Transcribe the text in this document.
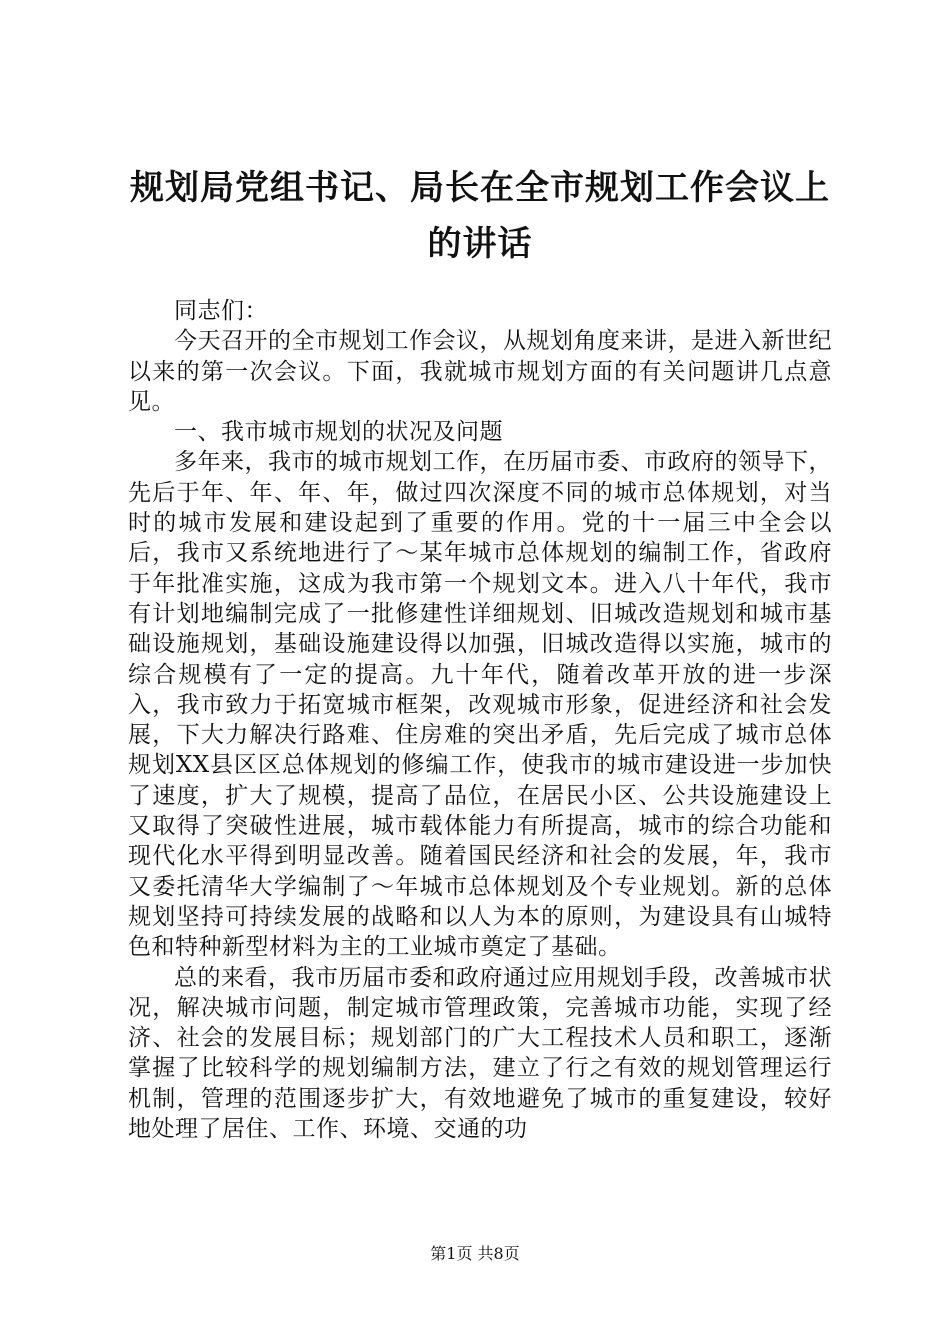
规划局党组书记、局长在全市规划工作会议上的讲话

同志们：

今天召开的全市规划工作会议，从规划角度来讲，是进入新世纪以来的第一次会议。下面，我就城市规划方面的有关问题讲几点意见。

一、我市城市规划的状况及问题

多年来，我市的城市规划工作，在历届市委、市政府的领导下，先后于年、年、年、年，做过四次深度不同的城市总体规划，对当时的城市发展和建设起到了重要的作用。党的十一届三中全会以后，我市又系统地进行了～某年城市总体规划的编制工作，省政府于年批准实施，这成为我市第一个规划文本。进入八十年代，我市有计划地编制完成了一批修建性详细规划、旧城改造规划和城市基础设施规划，基础设施建设得以加强，旧城改造得以实施，城市的综合规模有了一定的提高。九十年代，随着改革开放的进一步深入，我市致力于拓宽城市框架，改观城市形象，促进经济和社会发展，下大力解决行路难、住房难的突出矛盾，先后完成了城市总体规划XX县区区总体规划的修编工作，使我市的城市建设进一步加快了速度，扩大了规模，提高了品位，在居民小区、公共设施建设上又取得了突破性进展，城市载体能力有所提高，城市的综合功能和现代化水平得到明显改善。随着国民经济和社会的发展，年，我市又委托清华大学编制了～年城市总体规划及个专业规划。新的总体规划坚持可持续发展的战略和以人为本的原则，为建设具有山城特色和特种新型材料为主的工业城市奠定了基础。

总的来看，我市历届市委和政府通过应用规划手段，改善城市状况，解决城市问题，制定城市管理政策，完善城市功能，实现了经济、社会的发展目标；规划部门的广大工程技术人员和职工，逐渐掌握了比较科学的规划编制方法，建立了行之有效的规划管理运行机制，管理的范围逐步扩大，有效地避免了城市的重复建设，较好地处理了居住、工作、环境、交通的功

第1页 共8页
